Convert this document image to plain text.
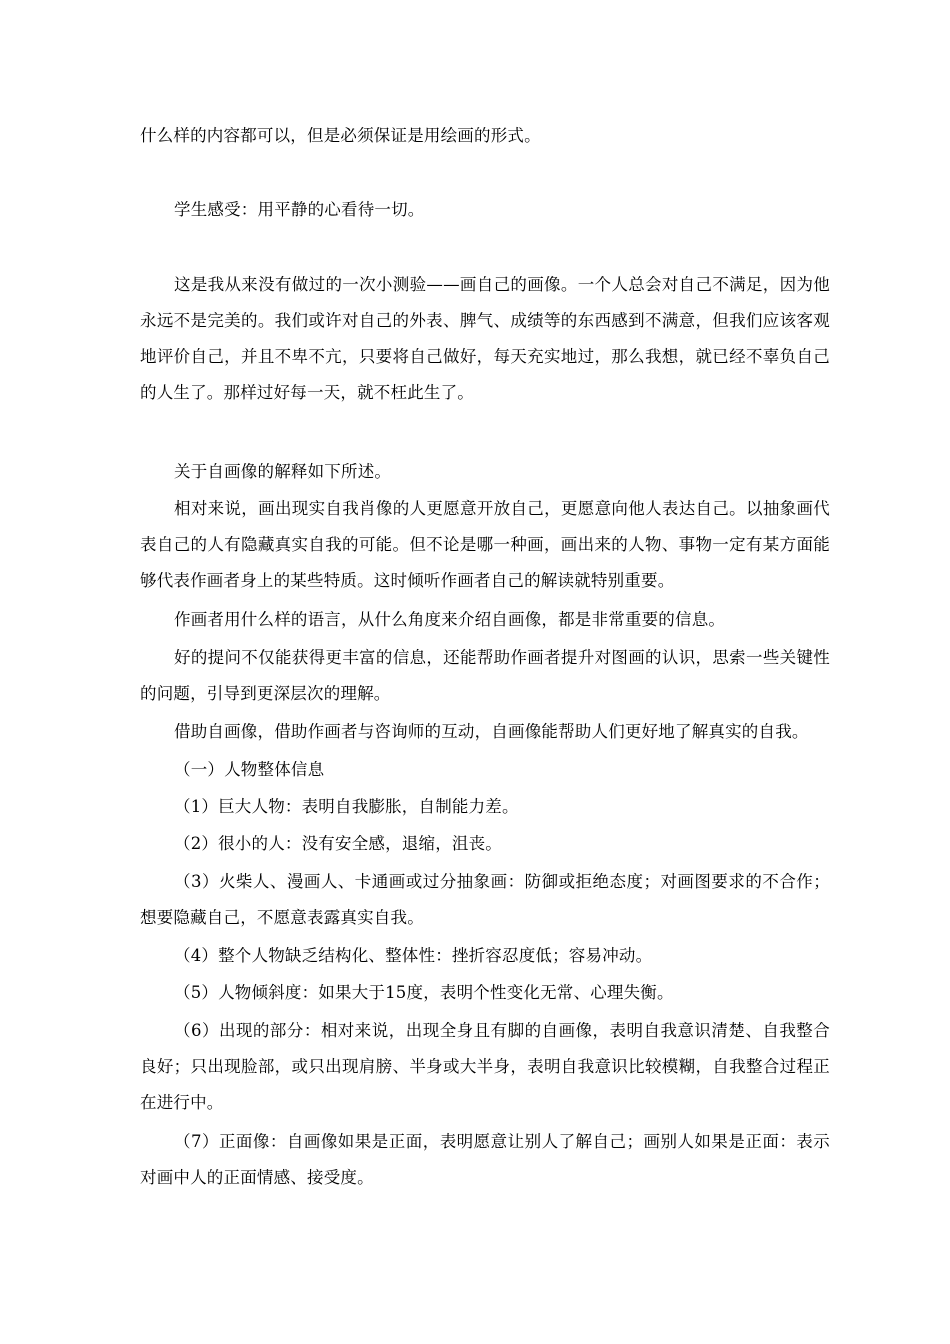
什么样的内容都可以，但是必须保证是用绘画的形式。

学生感受：用平静的心看待一切。

这是我从来没有做过的一次小测验——画自己的画像。一个人总会对自己不满足，因为他永远不是完美的。我们或许对自己的外表、脾气、成绩等的东西感到不满意，但我们应该客观地评价自己，并且不卑不亢，只要将自己做好，每天充实地过，那么我想，就已经不辜负自己的人生了。那样过好每一天，就不枉此生了。

关于自画像的解释如下所述。

相对来说，画出现实自我肖像的人更愿意开放自己，更愿意向他人表达自己。以抽象画代表自己的人有隐藏真实自我的可能。但不论是哪一种画，画出来的人物、事物一定有某方面能够代表作画者身上的某些特质。这时倾听作画者自己的解读就特别重要。

作画者用什么样的语言，从什么角度来介绍自画像，都是非常重要的信息。

好的提问不仅能获得更丰富的信息，还能帮助作画者提升对图画的认识，思索一些关键性的问题，引导到更深层次的理解。

借助自画像，借助作画者与咨询师的互动，自画像能帮助人们更好地了解真实的自我。

（一）人物整体信息

（1）巨大人物：表明自我膨胀，自制能力差。

（2）很小的人：没有安全感，退缩，沮丧。

（3）火柴人、漫画人、卡通画或过分抽象画：防御或拒绝态度；对画图要求的不合作；想要隐藏自己，不愿意表露真实自我。

（4）整个人物缺乏结构化、整体性：挫折容忍度低；容易冲动。

（5）人物倾斜度：如果大于15度，表明个性变化无常、心理失衡。

（6）出现的部分：相对来说，出现全身且有脚的自画像，表明自我意识清楚、自我整合良好；只出现脸部，或只出现肩膀、半身或大半身，表明自我意识比较模糊，自我整合过程正在进行中。

（7）正面像：自画像如果是正面，表明愿意让别人了解自己；画别人如果是正面：表示对画中人的正面情感、接受度。
